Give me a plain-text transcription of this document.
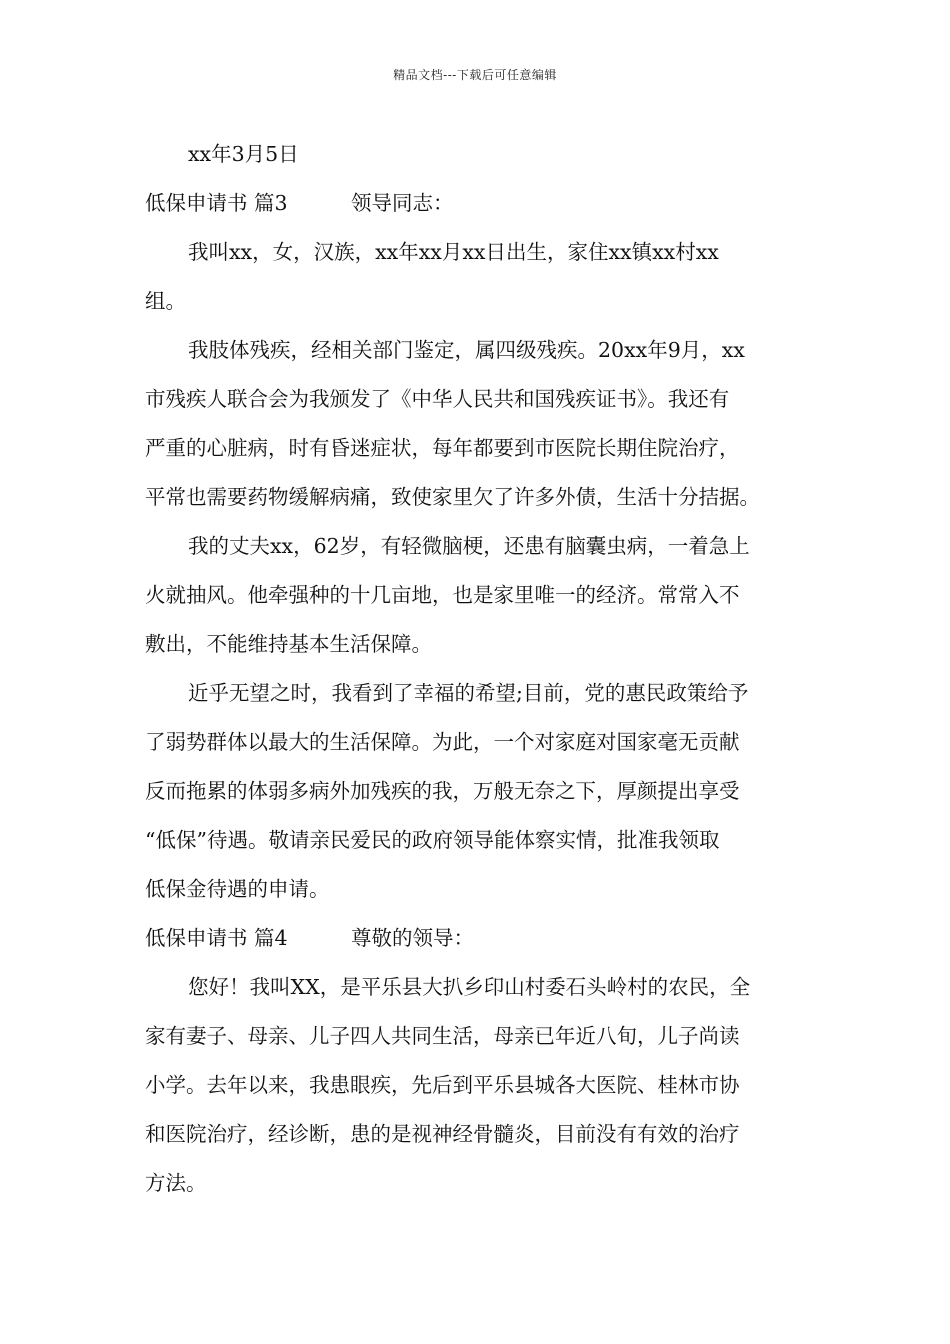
精品文档---下载后可任意编辑
xx年3月5日
低保申请书 篇3	领导同志：
我叫xx，女，汉族，xx年xx月xx日出生，家住xx镇xx村xx
组。
我肢体残疾，经相关部门鉴定，属四级残疾。20xx年9月，xx
市残疾人联合会为我颁发了《中华人民共和国残疾证书》。我还有
严重的心脏病，时有昏迷症状，每年都要到市医院长期住院治疗，
平常也需要药物缓解病痛，致使家里欠了许多外债，生活十分拮据。
我的丈夫xx，62岁，有轻微脑梗，还患有脑囊虫病，一着急上
火就抽风。他牵强种的十几亩地，也是家里唯一的经济。常常入不
敷出，不能维持基本生活保障。
近乎无望之时，我看到了幸福的希望;目前，党的惠民政策给予
了弱势群体以最大的生活保障。为此，一个对家庭对国家毫无贡献
反而拖累的体弱多病外加残疾的我，万般无奈之下，厚颜提出享受
“低保”待遇。敬请亲民爱民的政府领导能体察实情，批准我领取
低保金待遇的申请。
低保申请书 篇4	尊敬的领导：
您好！我叫XX，是平乐县大扒乡印山村委石头岭村的农民，全
家有妻子、母亲、儿子四人共同生活，母亲已年近八旬，儿子尚读
小学。去年以来，我患眼疾，先后到平乐县城各大医院、桂林市协
和医院治疗，经诊断，患的是视神经骨髓炎，目前没有有效的治疗
方法。
